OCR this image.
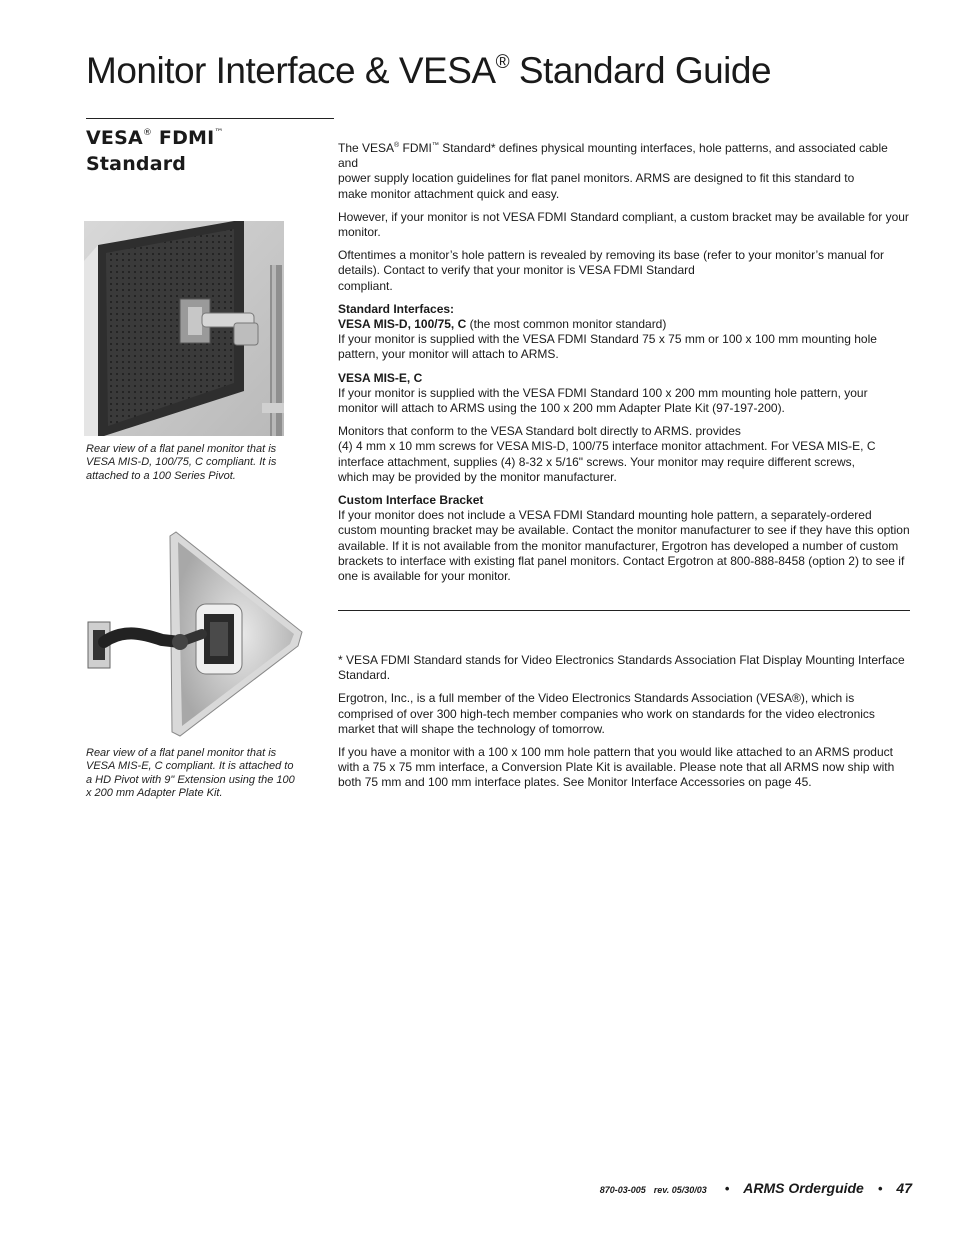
Monitor Interface & VESA® Standard Guide
VESA® FDMI™
Standard

Rear view of a flat panel monitor that is VESA MIS-D, 100/75, C compliant. It is attached to a 100 Series Pivot.

Rear view of a flat panel monitor that is VESA MIS-E, C compliant. It is attached to a HD Pivot with 9" Extension using the 100 x 200 mm Adapter Plate Kit.

The VESA® FDMI™ Standard* defines physical mounting interfaces, hole patterns, and associated cable and
power supply location guidelines for flat panel monitors. ARMS are designed to fit this standard to
make monitor attachment quick and easy.

However, if your monitor is not VESA FDMI Standard compliant, a custom bracket may be available for your monitor.

Oftentimes a monitor’s hole pattern is revealed by removing its base (refer to your monitor’s manual for
details). Contact to verify that your monitor is VESA FDMI Standard
compliant.

Standard Interfaces:
VESA MIS-D, 100/75, C (the most common monitor standard)
If your monitor is supplied with the VESA FDMI Standard 75 x 75 mm or 100 x 100 mm mounting hole pattern, your monitor will attach to ARMS.

VESA MIS-E, C
If your monitor is supplied with the VESA FDMI Standard 100 x 200 mm mounting hole pattern, your monitor will attach to ARMS using the 100 x 200 mm Adapter Plate Kit (97-197-200).

Monitors that conform to the VESA Standard bolt directly to ARMS. provides
(4) 4 mm x 10 mm screws for VESA MIS-D, 100/75 interface monitor attachment. For VESA MIS-E, C
interface attachment, supplies (4) 8-32 x 5/16" screws. Your monitor may require different screws,
which may be provided by the monitor manufacturer.

Custom Interface Bracket
If your monitor does not include a VESA FDMI Standard mounting hole pattern, a separately-ordered custom mounting bracket may be available. Contact the monitor manufacturer to see if they have this option available. If it is not available from the monitor manufacturer, Ergotron has developed a number of custom brackets to interface with existing flat panel monitors. Contact Ergotron at 800-888-8458 (option 2) to see if one is available for your monitor.

* VESA FDMI Standard stands for Video Electronics Standards Association Flat Display Mounting Interface Standard.

Ergotron, Inc., is a full member of the Video Electronics Standards Association (VESA®), which is comprised of over 300 high-tech member companies who work on standards for the video electronics market that will shape the technology of tomorrow.

If you have a monitor with a 100 x 100 mm hole pattern that you would like attached to an ARMS product with a 75 x 75 mm interface, a Conversion Plate Kit is available. Please note that all ARMS now ship with both 75 mm and 100 mm interface plates. See Monitor Interface Accessories on page 45.

870-03-005 rev. 05/30/03 • ARMS Orderguide • 47
